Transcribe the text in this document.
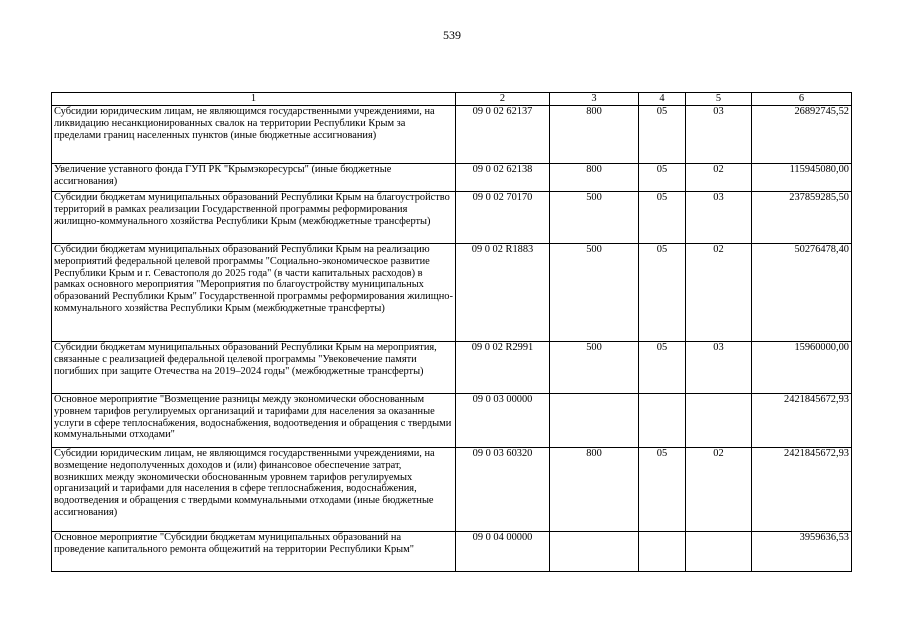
539
1	2	3	4	5	6
Субсидии юридическим лицам, не являющимся государственными учреждениями, на ликвидацию несанкционированных свалок на территории Республики Крым за пределами границ населенных пунктов (иные бюджетные ассигнования)	09 0 02 62137	800	05	03	26892745,52
Увеличение уставного фонда ГУП РК "Крымэкоресурсы" (иные бюджетные ассигнования)	09 0 02 62138	800	05	02	115945080,00
Субсидии бюджетам муниципальных образований Республики Крым на благоустройство территорий в рамках реализации Государственной программы реформирования жилищно-коммунального хозяйства Республики Крым (межбюджетные трансферты)	09 0 02 70170	500	05	03	237859285,50
Субсидии бюджетам муниципальных образований Республики Крым на реализацию мероприятий федеральной целевой программы "Социально-экономическое развитие Республики Крым и г. Севастополя до 2025 года" (в части капитальных расходов) в рамках основного мероприятия "Мероприятия по благоустройству муниципальных образований Республики Крым" Государственной программы реформирования жилищно-коммунального хозяйства Республики Крым (межбюджетные трансферты)	09 0 02 R1883	500	05	02	50276478,40
Субсидии бюджетам муниципальных образований Республики Крым на мероприятия, связанные с реализацией федеральной целевой программы "Увековечение памяти погибших при защите Отечества на 2019–2024 годы" (межбюджетные трансферты)	09 0 02 R2991	500	05	03	15960000,00
Основное мероприятие "Возмещение разницы между экономически обоснованным уровнем тарифов регулируемых организаций и тарифами для населения за оказанные услуги в сфере теплоснабжения, водоснабжения, водоотведения и обращения с твердыми коммунальными отходами"	09 0 03 00000				2421845672,93
Субсидии юридическим лицам, не являющимся государственными учреждениями, на возмещение недополученных доходов и (или) финансовое обеспечение затрат, возникших между экономически обоснованным уровнем тарифов регулируемых организаций и тарифами для населения в сфере теплоснабжения, водоснабжения, водоотведения и обращения с твердыми коммунальными отходами (иные бюджетные ассигнования)	09 0 03 60320	800	05	02	2421845672,93
Основное мероприятие "Субсидии бюджетам муниципальных образований на проведение капитального ремонта общежитий на территории Республики Крым"	09 0 04 00000				3959636,53
